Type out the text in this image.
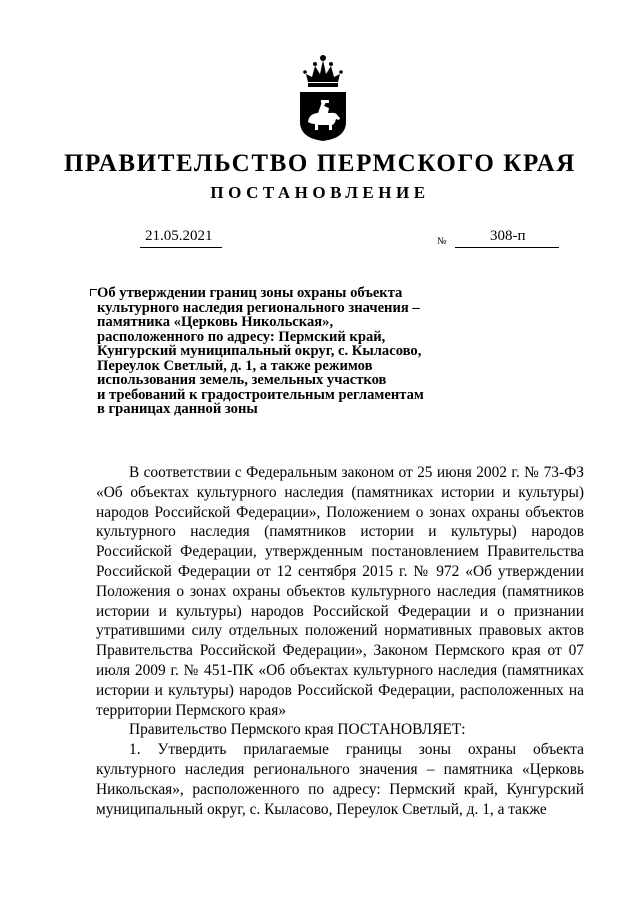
ПРАВИТЕЛЬСТВО ПЕРМСКОГО КРАЯ
ПОСТАНОВЛЕНИЕ
21.05.2021	№	308-п
Об утверждении границ зоны охраны объекта
культурного наследия регионального значения –
памятника «Церковь Никольская»,
расположенного по адресу: Пермский край,
Кунгурский муниципальный округ, с. Кыласово,
Переулок Светлый, д. 1, а также режимов
использования земель, земельных участков
и требований к градостроительным регламентам
в границах данной зоны

В соответствии с Федеральным законом от 25 июня 2002 г. № 73-ФЗ «Об объектах культурного наследия (памятниках истории и культуры) народов Российской Федерации», Положением о зонах охраны объектов культурного наследия (памятников истории и культуры) народов Российской Федерации, утвержденным постановлением Правительства Российской Федерации от 12 сентября 2015 г. № 972 «Об утверждении Положения о зонах охраны объектов культурного наследия (памятников истории и культуры) народов Российской Федерации и о признании утратившими силу отдельных положений нормативных правовых актов Правительства Российской Федерации», Законом Пермского края от 07 июля 2009 г. № 451-ПК «Об объектах культурного наследия (памятниках истории и культуры) народов Российской Федерации, расположенных на территории Пермского края»

Правительство Пермского края ПОСТАНОВЛЯЕТ:

1. Утвердить прилагаемые границы зоны охраны объекта культурного наследия регионального значения – памятника «Церковь Никольская», расположенного по адресу: Пермский край, Кунгурский муниципальный округ, с. Кыласово, Переулок Светлый, д. 1, а также
